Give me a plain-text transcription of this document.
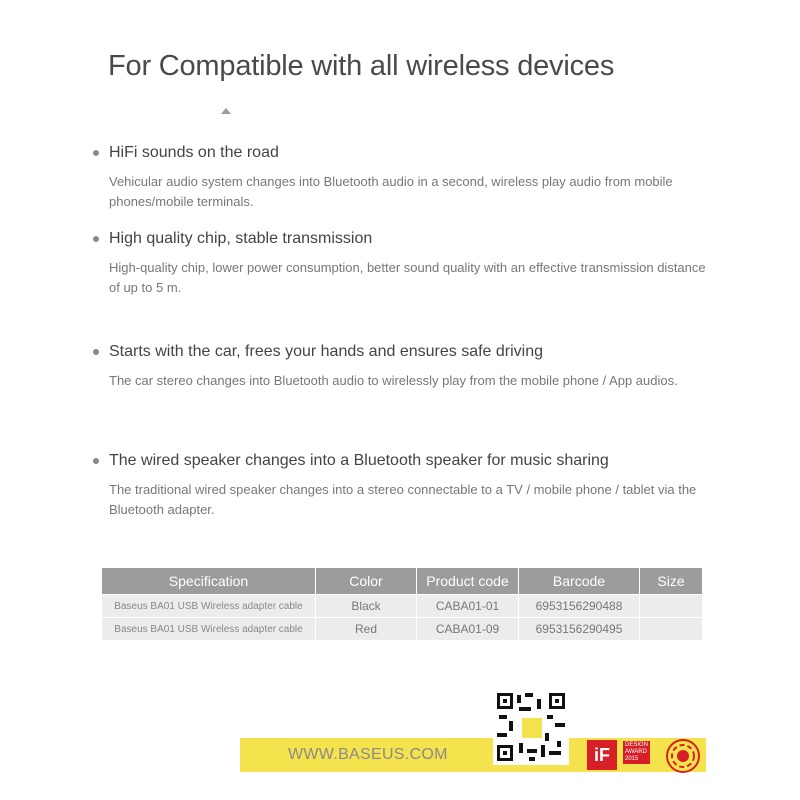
For Compatible with all wireless devices

HiFi sounds on the road

Vehicular audio system changes into Bluetooth audio in a second, wireless play audio from mobile phones/mobile terminals.

High quality chip, stable transmission

High-quality chip, lower power consumption, better sound quality with an effective transmission distance of up to 5 m.

Starts with the car, frees your hands and ensures safe driving

The car stereo changes into Bluetooth audio to wirelessly play from the mobile phone / App audios.

The wired speaker changes into a Bluetooth speaker for music sharing

The traditional wired speaker changes into a stereo connectable to a TV / mobile phone / tablet via the Bluetooth adapter.

Specification	Color	Product code	Barcode	Size
Baseus BA01 USB Wireless adapter cable	Black	CABA01-01	6953156290488	
Baseus BA01 USB Wireless adapter cable	Red	CABA01-09	6953156290495	
WWW.BASEUS.COM	iF	DESIGN
AWARD
2015
